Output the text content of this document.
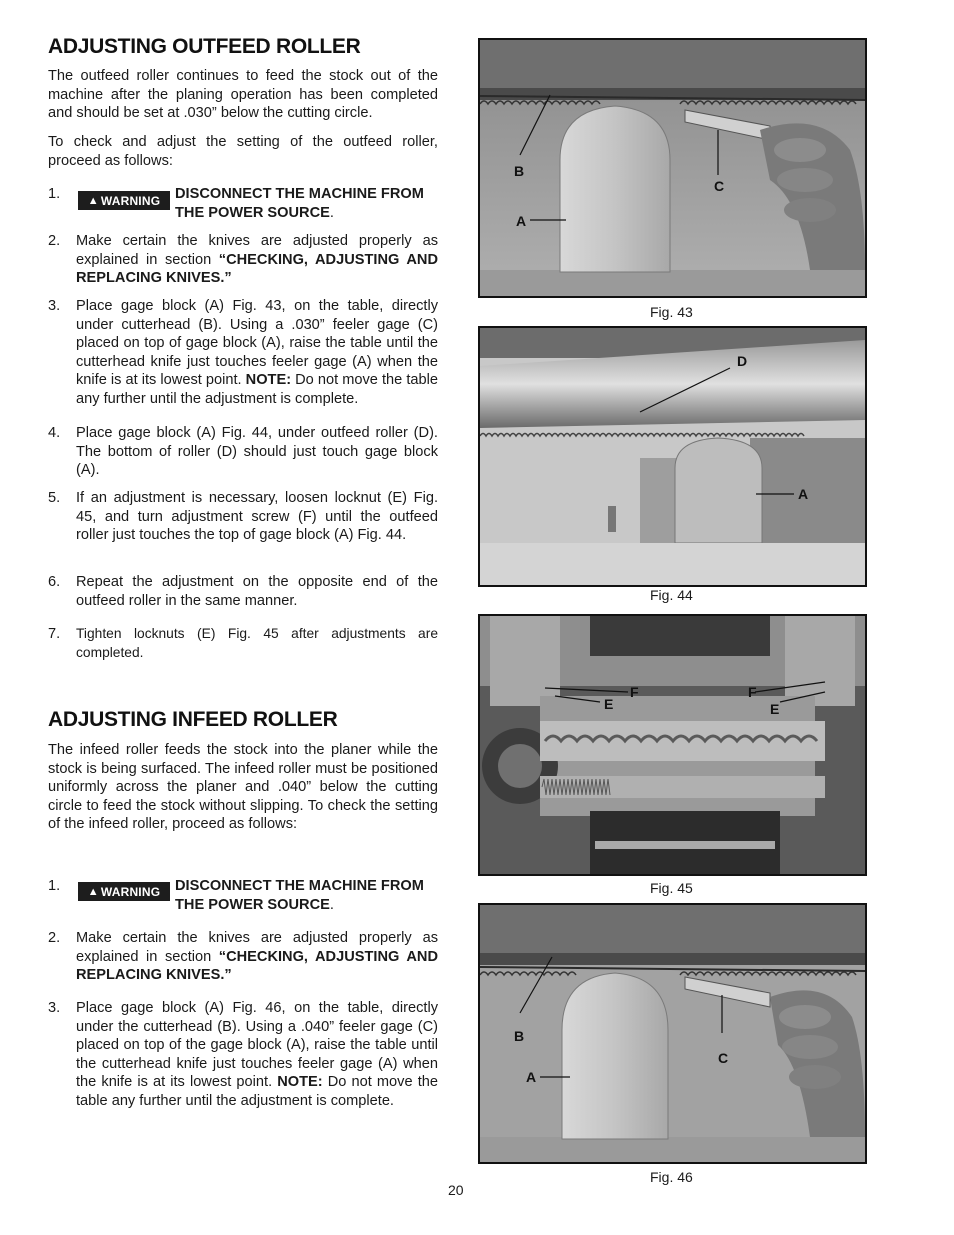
ADJUSTING OUTFEED ROLLER

The outfeed roller continues to feed the stock out of the machine after the planing operation has been completed and should be set at .030” below the cutting circle.

To check and adjust the setting of the outfeed roller, proceed as follows:

1.	▲ WARNING DISCONNECT THE MACHINE FROM THE POWER SOURCE.
2. Make certain the knives are adjusted properly as explained in section “CHECKING, ADJUSTING AND REPLACING KNIVES.”
3. Place gage block (A) Fig. 43, on the table, directly under cutterhead (B). Using a .030” feeler gage (C) placed on top of gage block (A), raise the table until the cutterhead knife just touches feeler gage (A) when the knife is at its lowest point. NOTE: Do not move the table any further until the adjustment is complete.
4. Place gage block (A) Fig. 44, under outfeed roller (D). The bottom of roller (D) should just touch gage block (A).
5. If an adjustment is necessary, loosen locknut (E) Fig. 45, and turn adjustment screw (F) until the outfeed roller just touches the top of gage block (A) Fig. 44.
6. Repeat the adjustment on the opposite end of the outfeed roller in the same manner.
7. Tighten locknuts (E) Fig. 45 after adjustments are completed.
ADJUSTING INFEED ROLLER

The infeed roller feeds the stock into the planer while the stock is being surfaced. The infeed roller must be positioned uniformly across the planer and .040” below the cutting circle to feed the stock without slipping. To check the setting of the infeed roller, proceed as follows:

1.	▲ WARNING DISCONNECT THE MACHINE FROM THE POWER SOURCE.
2. Make certain the knives are adjusted properly as explained in section “CHECKING, ADJUSTING AND REPLACING KNIVES.”
3. Place gage block (A) Fig. 46, on the table, directly under the cutterhead (B). Using a .040” feeler gage (C) placed on top of the gage block (A), raise the table until the cutterhead knife just touches feeler gage (A) when the knife is at its lowest point. NOTE: Do not move the table any further until the adjustment is complete.
B
C
A
Fig. 43
D
A
Fig. 44
F
E
F
E
Fig. 45
B
C
A
Fig. 46
20
